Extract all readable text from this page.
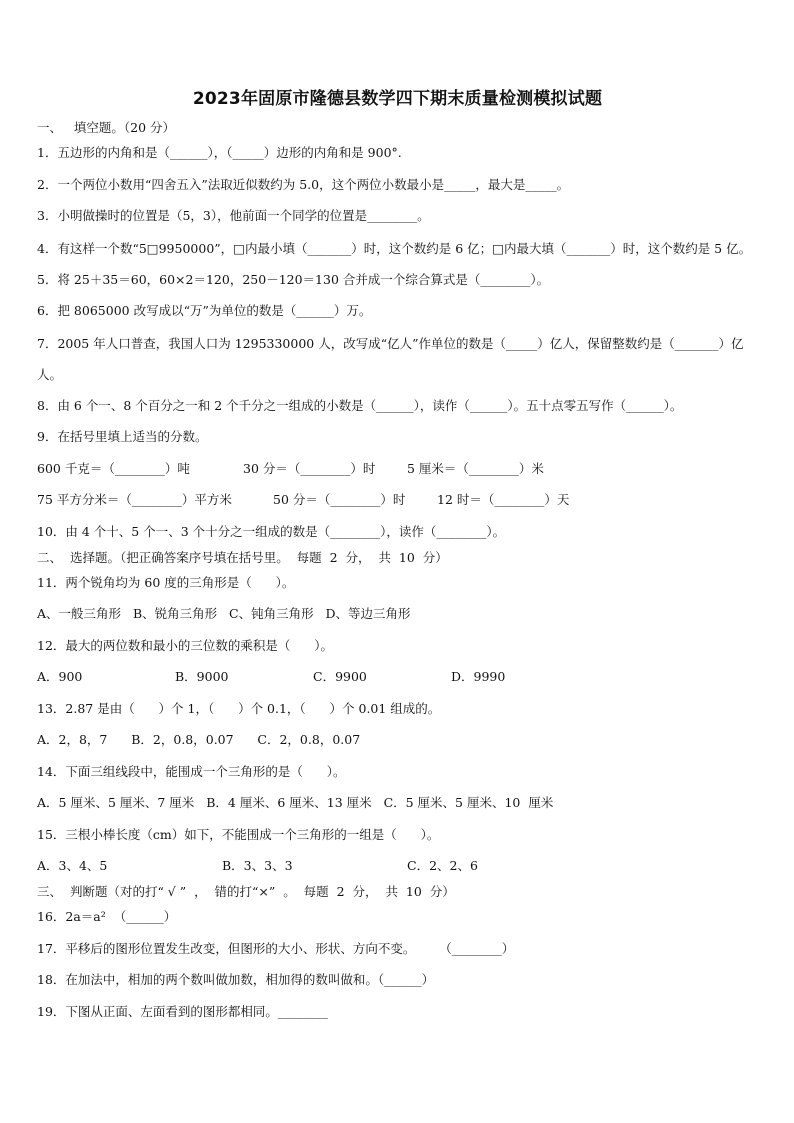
2023年固原市隆德县数学四下期末质量检测模拟试题
一、   填空题。（20 分）
1．五边形的内角和是（______），（_____）边形的内角和是 900°.
2．一个两位小数用“四舍五入”法取近似数约为 5.0，这个两位小数最小是_____，最大是_____。
3．小明做操时的位置是（5，3），他前面一个同学的位置是________。
4．有这样一个数“5□9950000”，□内最小填（_______）时，这个数约是 6 亿；□内最大填（_______）时，这个数约是 5 亿。
5．将 25＋35＝60，60×2＝120，250－120＝130 合并成一个综合算式是（________）。
6．把 8065000 改写成以“万”为单位的数是（______）万。
7．2005 年人口普查，我国人口为 1295330000 人，改写成“亿人”作单位的数是（_____）亿人，保留整数约是（_______）亿人。
8．由 6 个一、8 个百分之一和 2 个千分之一组成的小数是（______），读作（______）。五十点零五写作（______）。
9．在括号里填上适当的分数。
600 千克＝（________）吨	30 分＝（________）时	5 厘米＝（________）米
75 平方分米＝（________）平方米	50 分＝（________）时	12 时＝（________）天
10．由 4 个十、5 个一、3 个十分之一组成的数是（________），读作（________）。
二、  选择题。（把正确答案序号填在括号里。  每题  2  分，  共  10  分）
11．两个锐角均为 60 度的三角形是（      ）。
A、一般三角形   B、锐角三角形   C、钝角三角形   D、等边三角形
12．最大的两位数和最小的三位数的乘积是（      ）。
A．900	B．9000	C．9900	D．9990
13．2.87 是由（      ）个 1，（      ）个 0.1，（      ）个 0.01 组成的。
A．2，8，7      B．2，0.8，0.07      C．2，0.8，0.07
14．下面三组线段中，能围成一个三角形的是（      ）。
A．5 厘米、5 厘米、7 厘米   B．4 厘米、6 厘米、13 厘米   C．5 厘米、5 厘米、10  厘米
15．三根小棒长度（cm）如下，不能围成一个三角形的一组是（      ）。
A．3、4、5	B．3、3、3	C．2、2、6
三、  判断题（对的打“ √ ”  ，  错的打“×”  。  每题  2  分，  共  10  分）
16．2a＝a²  （______）
17．平移后的图形位置发生改变，但图形的大小、形状、方向不变。      （________）
18．在加法中，相加的两个数叫做加数，相加得的数叫做和。（______）
19．下图从正面、左面看到的图形都相同。________
